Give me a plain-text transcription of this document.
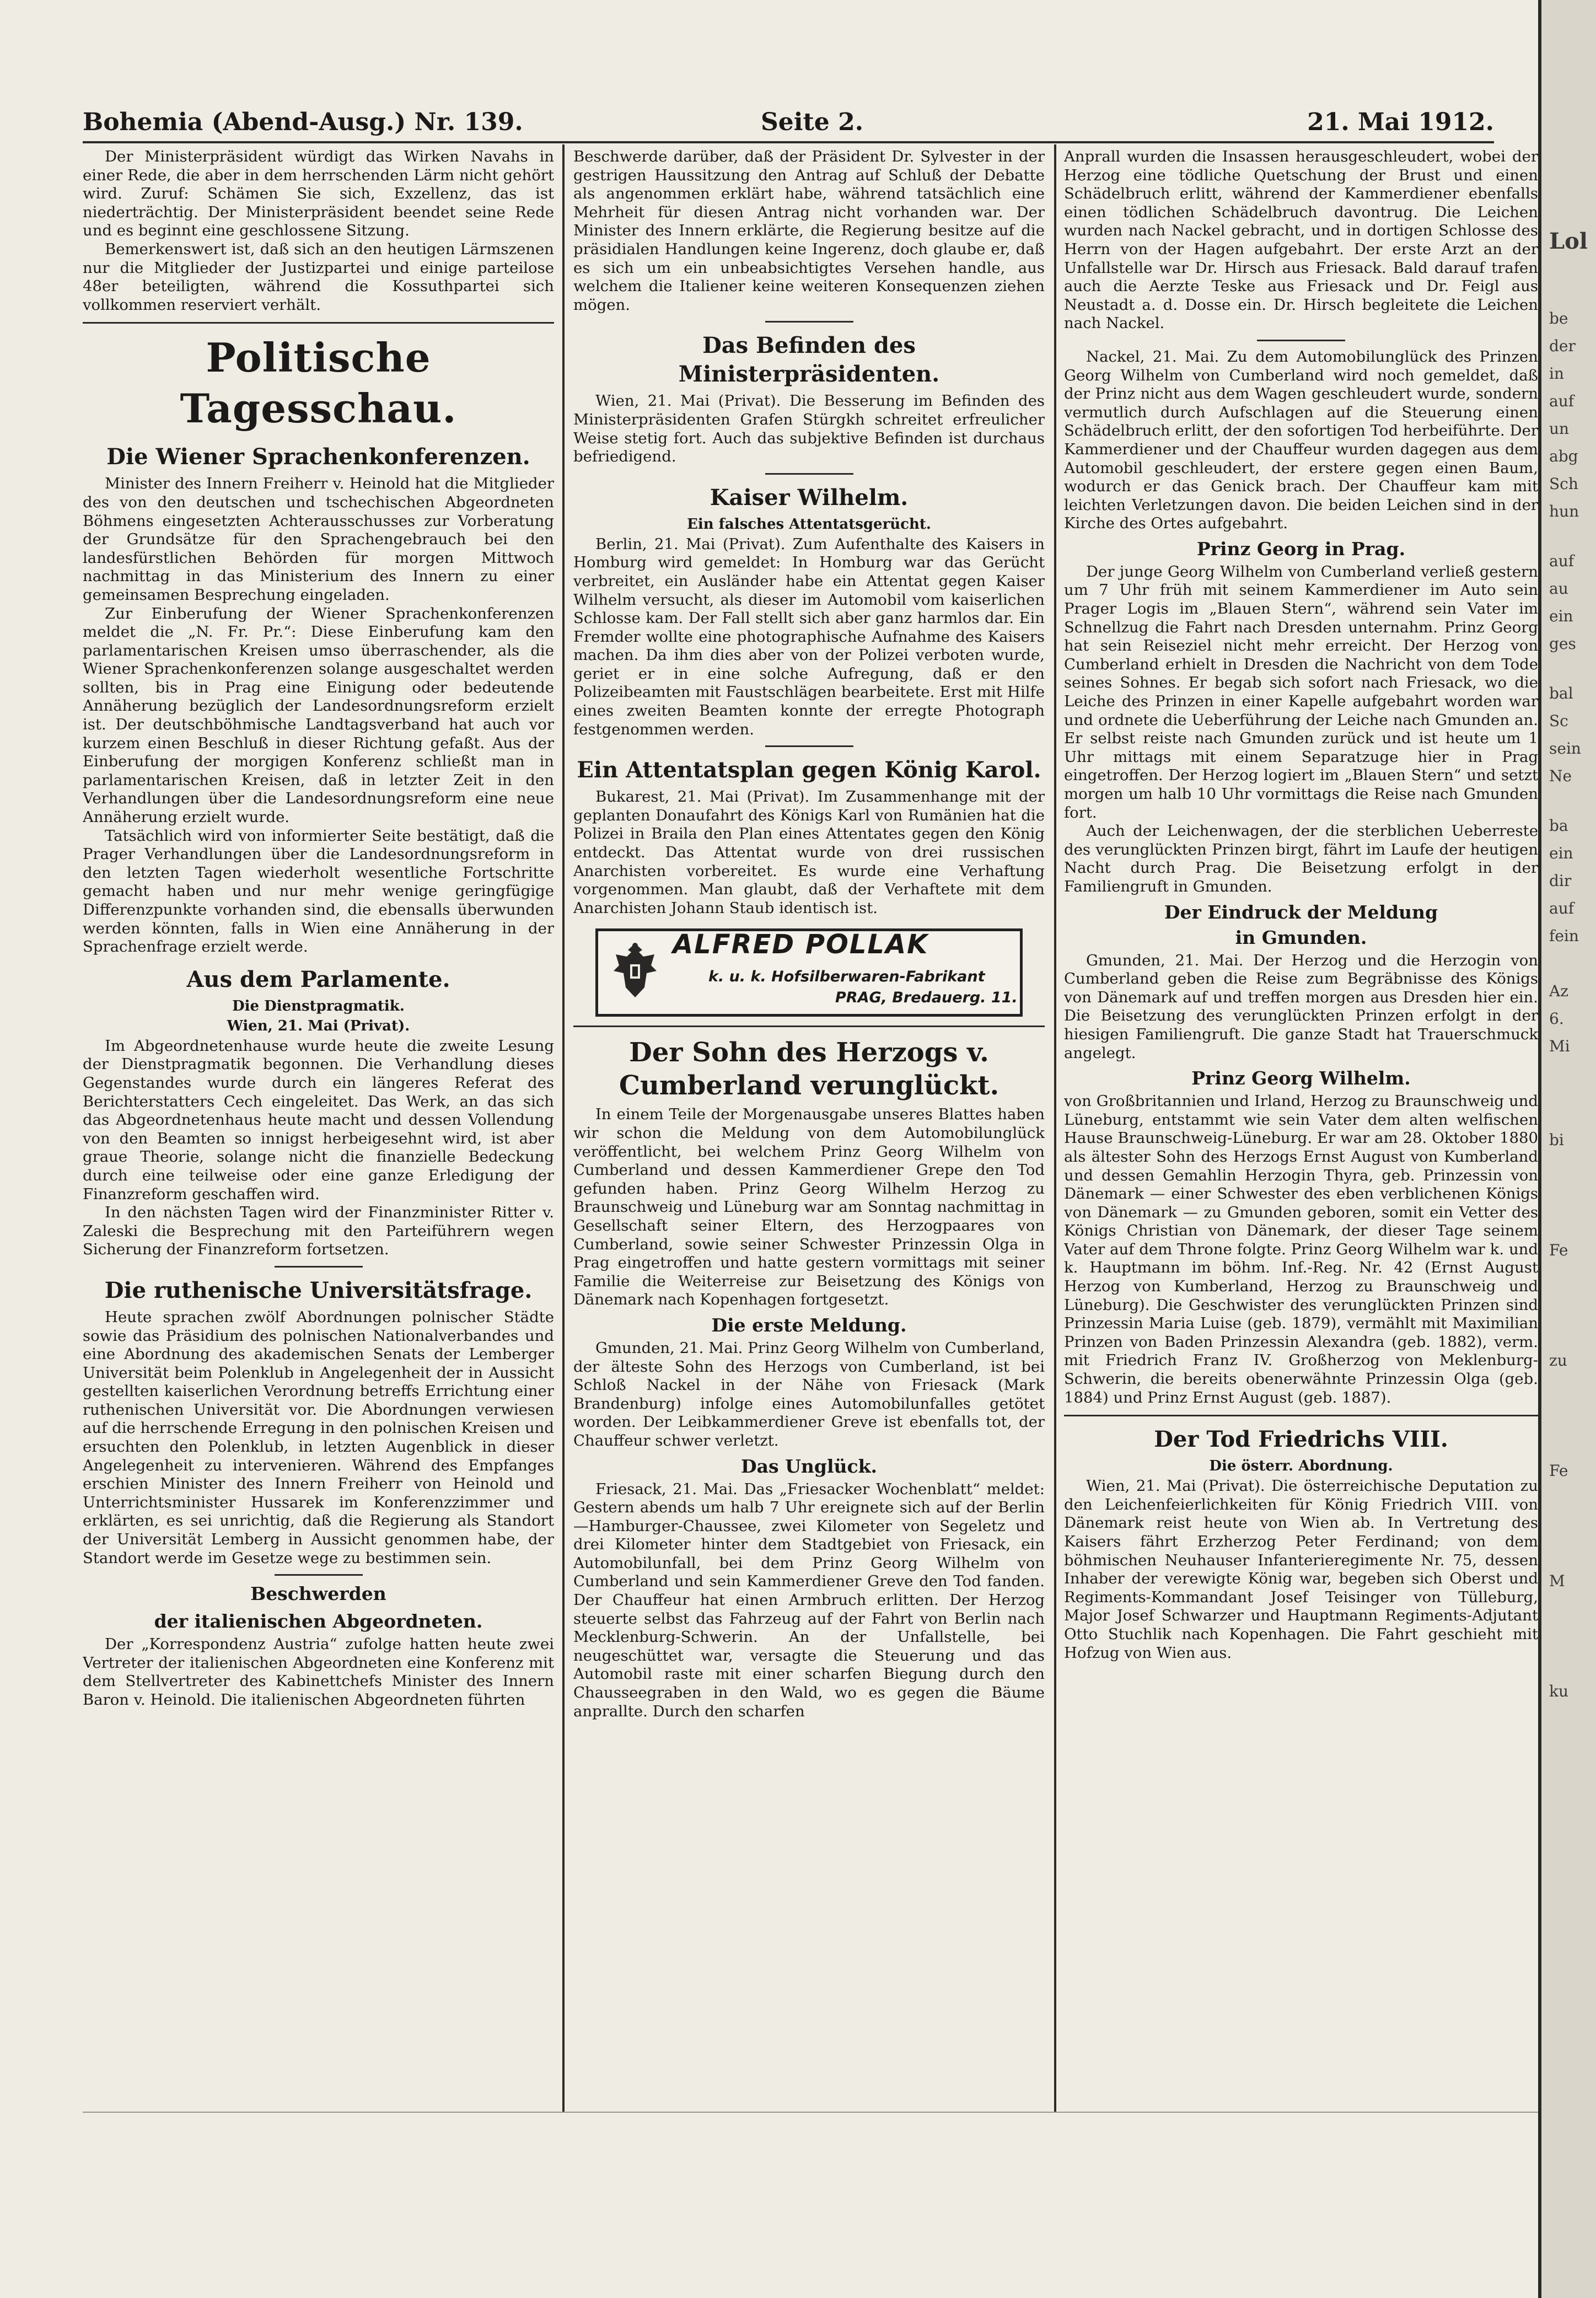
Bohemia (Abend-Ausg.) Nr. 139.	Seite 2.	21. Mai 1912.

Der Ministerpräsident würdigt das Wirken Navahs in einer Rede, die aber in dem herrschenden Lärm nicht gehört wird. Zuruf: Schämen Sie sich, Exzellenz, das ist niederträchtig. Der Ministerpräsident beendet seine Rede und es beginnt eine geschlossene Sitzung.

Bemerkenswert ist, daß sich an den heutigen Lärmszenen nur die Mitglieder der Justizpartei und einige parteilose 48er beteiligten, während die Kossuthpartei sich vollkommen reserviert verhält.

Politische Tagesschau.
Die Wiener Sprachenkonferenzen.

Minister des Innern Freiherr v. Heinold hat die Mitglieder des von den deutschen und tschechischen Abgeordneten Böhmens eingesetzten Achterausschusses zur Vorberatung der Grundsätze für den Sprachengebrauch bei den landesfürstlichen Behörden für morgen Mittwoch nachmittag in das Ministerium des Innern zu einer gemeinsamen Besprechung eingeladen.

Zur Einberufung der Wiener Sprachenkonferenzen meldet die „N. Fr. Pr.“: Diese Einberufung kam den parlamentarischen Kreisen umso überraschender, als die Wiener Sprachenkonferenzen solange ausgeschaltet werden sollten, bis in Prag eine Einigung oder bedeutende Annäherung bezüglich der Landesordnungsreform erzielt ist. Der deutschböhmische Landtagsverband hat auch vor kurzem einen Beschluß in dieser Richtung gefaßt. Aus der Einberufung der morgigen Konferenz schließt man in parlamentarischen Kreisen, daß in letzter Zeit in den Verhandlungen über die Landesordnungsreform eine neue Annäherung erzielt wurde.

Tatsächlich wird von informierter Seite bestätigt, daß die Prager Verhandlungen über die Landesordnungsreform in den letzten Tagen wiederholt wesentliche Fortschritte gemacht haben und nur mehr wenige geringfügige Differenzpunkte vorhanden sind, die ebensalls überwunden werden könnten, falls in Wien eine Annäherung in der Sprachenfrage erzielt werde.

Aus dem Parlamente.
Die Dienstpragmatik.
Wien, 21. Mai (Privat).

Im Abgeordnetenhause wurde heute die zweite Lesung der Dienstpragmatik begonnen. Die Verhandlung dieses Gegenstandes wurde durch ein längeres Referat des Berichterstatters Cech eingeleitet. Das Werk, an das sich das Abgeordnetenhaus heute macht und dessen Vollendung von den Beamten so innigst herbeigesehnt wird, ist aber graue Theorie, solange nicht die finanzielle Bedeckung durch eine teilweise oder eine ganze Erledigung der Finanzreform geschaffen wird.

In den nächsten Tagen wird der Finanzminister Ritter v. Zaleski die Besprechung mit den Parteiführern wegen Sicherung der Finanzreform fortsetzen.

Die ruthenische Universitätsfrage.

Heute sprachen zwölf Abordnungen polnischer Städte sowie das Präsidium des polnischen Nationalverbandes und eine Abordnung des akademischen Senats der Lemberger Universität beim Polenklub in Angelegenheit der in Aussicht gestellten kaiserlichen Verordnung betreffs Errichtung einer ruthenischen Universität vor. Die Abordnungen verwiesen auf die herrschende Erregung in den polnischen Kreisen und ersuchten den Polenklub, in letzten Augenblick in dieser Angelegenheit zu intervenieren. Während des Empfanges erschien Minister des Innern Freiherr von Heinold und Unterrichtsminister Hussarek im Konferenzzimmer und erklärten, es sei unrichtig, daß die Regierung als Standort der Universität Lemberg in Aussicht genommen habe, der Standort werde im Gesetze wege zu bestimmen sein.

Beschwerden
der italienischen Abgeordneten.

Der „Korrespondenz Austria“ zufolge hatten heute zwei Vertreter der italienischen Abgeordneten eine Konferenz mit dem Stellvertreter des Kabinettchefs Minister des Innern Baron v. Heinold. Die italienischen Abgeordneten führten

Beschwerde darüber, daß der Präsident Dr. Sylvester in der gestrigen Haussitzung den Antrag auf Schluß der Debatte als angenommen erklärt habe, während tatsächlich eine Mehrheit für diesen Antrag nicht vorhanden war. Der Minister des Innern erklärte, die Regierung besitze auf die präsidialen Handlungen keine Ingerenz, doch glaube er, daß es sich um ein unbeabsichtigtes Versehen handle, aus welchem die Italiener keine weiteren Konsequenzen ziehen mögen.

Das Befinden des Ministerpräsidenten.

Wien, 21. Mai (Privat). Die Besserung im Befinden des Ministerpräsidenten Grafen Stürgkh schreitet erfreulicher Weise stetig fort. Auch das subjektive Befinden ist durchaus befriedigend.

Kaiser Wilhelm.
Ein falsches Attentatsgerücht.

Berlin, 21. Mai (Privat). Zum Aufenthalte des Kaisers in Homburg wird gemeldet: In Homburg war das Gerücht verbreitet, ein Ausländer habe ein Attentat gegen Kaiser Wilhelm versucht, als dieser im Automobil vom kaiserlichen Schlosse kam. Der Fall stellt sich aber ganz harmlos dar. Ein Fremder wollte eine photographische Aufnahme des Kaisers machen. Da ihm dies aber von der Polizei verboten wurde, geriet er in eine solche Aufregung, daß er den Polizeibeamten mit Faustschlägen bearbeitete. Erst mit Hilfe eines zweiten Beamten konnte der erregte Photograph festgenommen werden.

Ein Attentatsplan gegen König Karol.

Bukarest, 21. Mai (Privat). Im Zusammenhange mit der geplanten Donaufahrt des Königs Karl von Rumänien hat die Polizei in Braila den Plan eines Attentates gegen den König entdeckt. Das Attentat wurde von drei russischen Anarchisten vorbereitet. Es wurde eine Verhaftung vorgenommen. Man glaubt, daß der Verhaftete mit dem Anarchisten Johann Staub identisch ist.

ALFRED POLLAK
k. u. k. Hofsilberwaren-Fabrikant
PRAG, Bredauerg. 11.
Der Sohn des Herzogs v. Cumberland verunglückt.

In einem Teile der Morgenausgabe unseres Blattes haben wir schon die Meldung von dem Automobilunglück veröffentlicht, bei welchem Prinz Georg Wilhelm von Cumberland und dessen Kammerdiener Grepe den Tod gefunden haben. Prinz Georg Wilhelm Herzog zu Braunschweig und Lüneburg war am Sonntag nachmittag in Gesellschaft seiner Eltern, des Herzogpaares von Cumberland, sowie seiner Schwester Prinzessin Olga in Prag eingetroffen und hatte gestern vormittags mit seiner Familie die Weiterreise zur Beisetzung des Königs von Dänemark nach Kopenhagen fortgesetzt.

Die erste Meldung.

Gmunden, 21. Mai. Prinz Georg Wilhelm von Cumberland, der älteste Sohn des Herzogs von Cumberland, ist bei Schloß Nackel in der Nähe von Friesack (Mark Brandenburg) infolge eines Automobilunfalles getötet worden. Der Leibkammerdiener Greve ist ebenfalls tot, der Chauffeur schwer verletzt.

Das Unglück.

Friesack, 21. Mai. Das „Friesacker Wochenblatt“ meldet: Gestern abends um halb 7 Uhr ereignete sich auf der Berlin—Hamburger-Chaussee, zwei Kilometer von Segeletz und drei Kilometer hinter dem Stadtgebiet von Friesack, ein Automobilunfall, bei dem Prinz Georg Wilhelm von Cumberland und sein Kammerdiener Greve den Tod fanden. Der Chauffeur hat einen Armbruch erlitten. Der Herzog steuerte selbst das Fahrzeug auf der Fahrt von Berlin nach Mecklenburg-Schwerin. An der Unfallstelle, bei neugeschüttet war, versagte die Steuerung und das Automobil raste mit einer scharfen Biegung durch den Chausseegraben in den Wald, wo es gegen die Bäume anprallte. Durch den scharfen

Anprall wurden die Insassen herausgeschleudert, wobei der Herzog eine tödliche Quetschung der Brust und einen Schädelbruch erlitt, während der Kammerdiener ebenfalls einen tödlichen Schädelbruch davontrug. Die Leichen wurden nach Nackel gebracht, und in dortigen Schlosse des Herrn von der Hagen aufgebahrt. Der erste Arzt an der Unfallstelle war Dr. Hirsch aus Friesack. Bald darauf trafen auch die Aerzte Teske aus Friesack und Dr. Feigl aus Neustadt a. d. Dosse ein. Dr. Hirsch begleitete die Leichen nach Nackel.

Nackel, 21. Mai. Zu dem Automobilunglück des Prinzen Georg Wilhelm von Cumberland wird noch gemeldet, daß der Prinz nicht aus dem Wagen geschleudert wurde, sondern vermutlich durch Aufschlagen auf die Steuerung einen Schädelbruch erlitt, der den sofortigen Tod herbeiführte. Der Kammerdiener und der Chauffeur wurden dagegen aus dem Automobil geschleudert, der erstere gegen einen Baum, wodurch er das Genick brach. Der Chauffeur kam mit leichten Verletzungen davon. Die beiden Leichen sind in der Kirche des Ortes aufgebahrt.

Prinz Georg in Prag.

Der junge Georg Wilhelm von Cumberland verließ gestern um 7 Uhr früh mit seinem Kammerdiener im Auto sein Prager Logis im „Blauen Stern“, während sein Vater im Schnellzug die Fahrt nach Dresden unternahm. Prinz Georg hat sein Reiseziel nicht mehr erreicht. Der Herzog von Cumberland erhielt in Dresden die Nachricht von dem Tode seines Sohnes. Er begab sich sofort nach Friesack, wo die Leiche des Prinzen in einer Kapelle aufgebahrt worden war und ordnete die Ueberführung der Leiche nach Gmunden an. Er selbst reiste nach Gmunden zurück und ist heute um 1 Uhr mittags mit einem Separatzuge hier in Prag eingetroffen. Der Herzog logiert im „Blauen Stern“ und setzt morgen um halb 10 Uhr vormittags die Reise nach Gmunden fort.

Auch der Leichenwagen, der die sterblichen Ueberreste des verunglückten Prinzen birgt, fährt im Laufe der heutigen Nacht durch Prag. Die Beisetzung erfolgt in der Familiengruft in Gmunden.

Der Eindruck der Meldung
in Gmunden.

Gmunden, 21. Mai. Der Herzog und die Herzogin von Cumberland geben die Reise zum Begräbnisse des Königs von Dänemark auf und treffen morgen aus Dresden hier ein. Die Beisetzung des verunglückten Prinzen erfolgt in der hiesigen Familiengruft. Die ganze Stadt hat Trauerschmuck angelegt.

Prinz Georg Wilhelm.

von Großbritannien und Irland, Herzog zu Braunschweig und Lüneburg, entstammt wie sein Vater dem alten welfischen Hause Braunschweig-Lüneburg. Er war am 28. Oktober 1880 als ältester Sohn des Herzogs Ernst August von Kumberland und dessen Gemahlin Herzogin Thyra, geb. Prinzessin von Dänemark — einer Schwester des eben verblichenen Königs von Dänemark — zu Gmunden geboren, somit ein Vetter des Königs Christian von Dänemark, der dieser Tage seinem Vater auf dem Throne folgte. Prinz Georg Wilhelm war k. und k. Hauptmann im böhm. Inf.-Reg. Nr. 42 (Ernst August Herzog von Kumberland, Herzog zu Braunschweig und Lüneburg). Die Geschwister des verunglückten Prinzen sind Prinzessin Maria Luise (geb. 1879), vermählt mit Maximilian Prinzen von Baden Prinzessin Alexandra (geb. 1882), verm. mit Friedrich Franz IV. Großherzog von Meklenburg-Schwerin, die bereits obenerwähnte Prinzessin Olga (geb. 1884) und Prinz Ernst August (geb. 1887).

Der Tod Friedrichs VIII.
Die österr. Abordnung.

Wien, 21. Mai (Privat). Die österreichische Deputation zu den Leichenfeierlichkeiten für König Friedrich VIII. von Dänemark reist heute von Wien ab. In Vertretung des Kaisers fährt Erzherzog Peter Ferdinand; von dem böhmischen Neuhauser Infanterieregimente Nr. 75, dessen Inhaber der verewigte König war, begeben sich Oberst und Regiments-Kommandant Josef Teisinger von Tülleburg, Major Josef Schwarzer und Hauptmann Regiments-Adjutant Otto Stuchlik nach Kopenhagen. Die Fahrt geschieht mit Hofzug von Wien aus.

Lol
be
der
in
auf
un
abg
Sch
hun
auf
au
ein
ges
bal
Sc
sein
Ne
ba
ein
dir
auf
fein
Az
6.
Mi
bi
Fe
zu
Fe
M
ku
